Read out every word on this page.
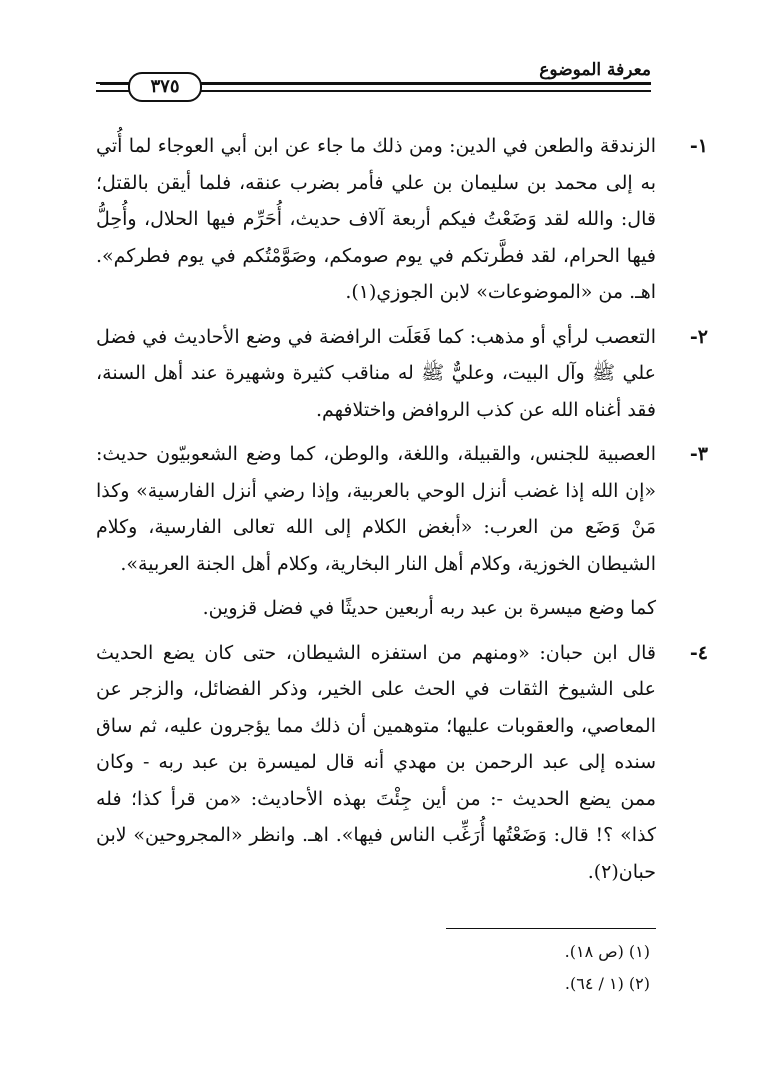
معرفة الموضوع
٣٧٥
١-

الزندقة والطعن في الدين: ومن ذلك ما جاء عن ابن أبي العوجاء لما أُتي به إلى محمد بن سليمان بن علي فأمر بضرب عنقه، فلما أيقن بالقتل؛ قال: والله لقد وَضَعْتُ فيكم أربعة آلاف حديث، أُحَرِّم فيها الحلال، وأُحِلُّ فيها الحرام، لقد فطَّرتكم في يوم صومكم، وصَوَّمْتُكم في يوم فطركم». اهـ. من «الموضوعات» لابن الجوزي(١).

٢-

التعصب لرأي أو مذهب: كما فَعَلَت الرافضة في وضع الأحاديث في فضل علي ﷺ وآل البيت، وعليٌّ ﷺ له مناقب كثيرة وشهيرة عند أهل السنة، فقد أغناه الله عن كذب الروافض واختلافهم.

٣-

العصبية للجنس، والقبيلة، واللغة، والوطن، كما وضع الشعوبيّون حديث: «إن الله إذا غضب أنزل الوحي بالعربية، وإذا رضي أنزل الفارسية» وكذا مَنْ وَضَع من العرب: «أبغض الكلام إلى الله تعالى الفارسية، وكلام الشيطان الخوزية، وكلام أهل النار البخارية، وكلام أهل الجنة العربية».

كما وضع ميسرة بن عبد ربه أربعين حديثًا في فضل قزوين.

٤-

قال ابن حبان: «ومنهم من استفزه الشيطان، حتى كان يضع الحديث على الشيوخ الثقات في الحث على الخير، وذكر الفضائل، والزجر عن المعاصي، والعقوبات عليها؛ متوهمين أن ذلك مما يؤجرون عليه، ثم ساق سنده إلى عبد الرحمن بن مهدي أنه قال لميسرة بن عبد ربه - وكان ممن يضع الحديث -: من أين جِئْتَ بهذه الأحاديث: «من قرأ كذا؛ فله كذا» ؟! قال: وَضَعْتُها أُرَغِّب الناس فيها». اهـ. وانظر «المجروحين» لابن حبان(٢).

(١) (ص ١٨).
(٢) (١ / ٦٤).
